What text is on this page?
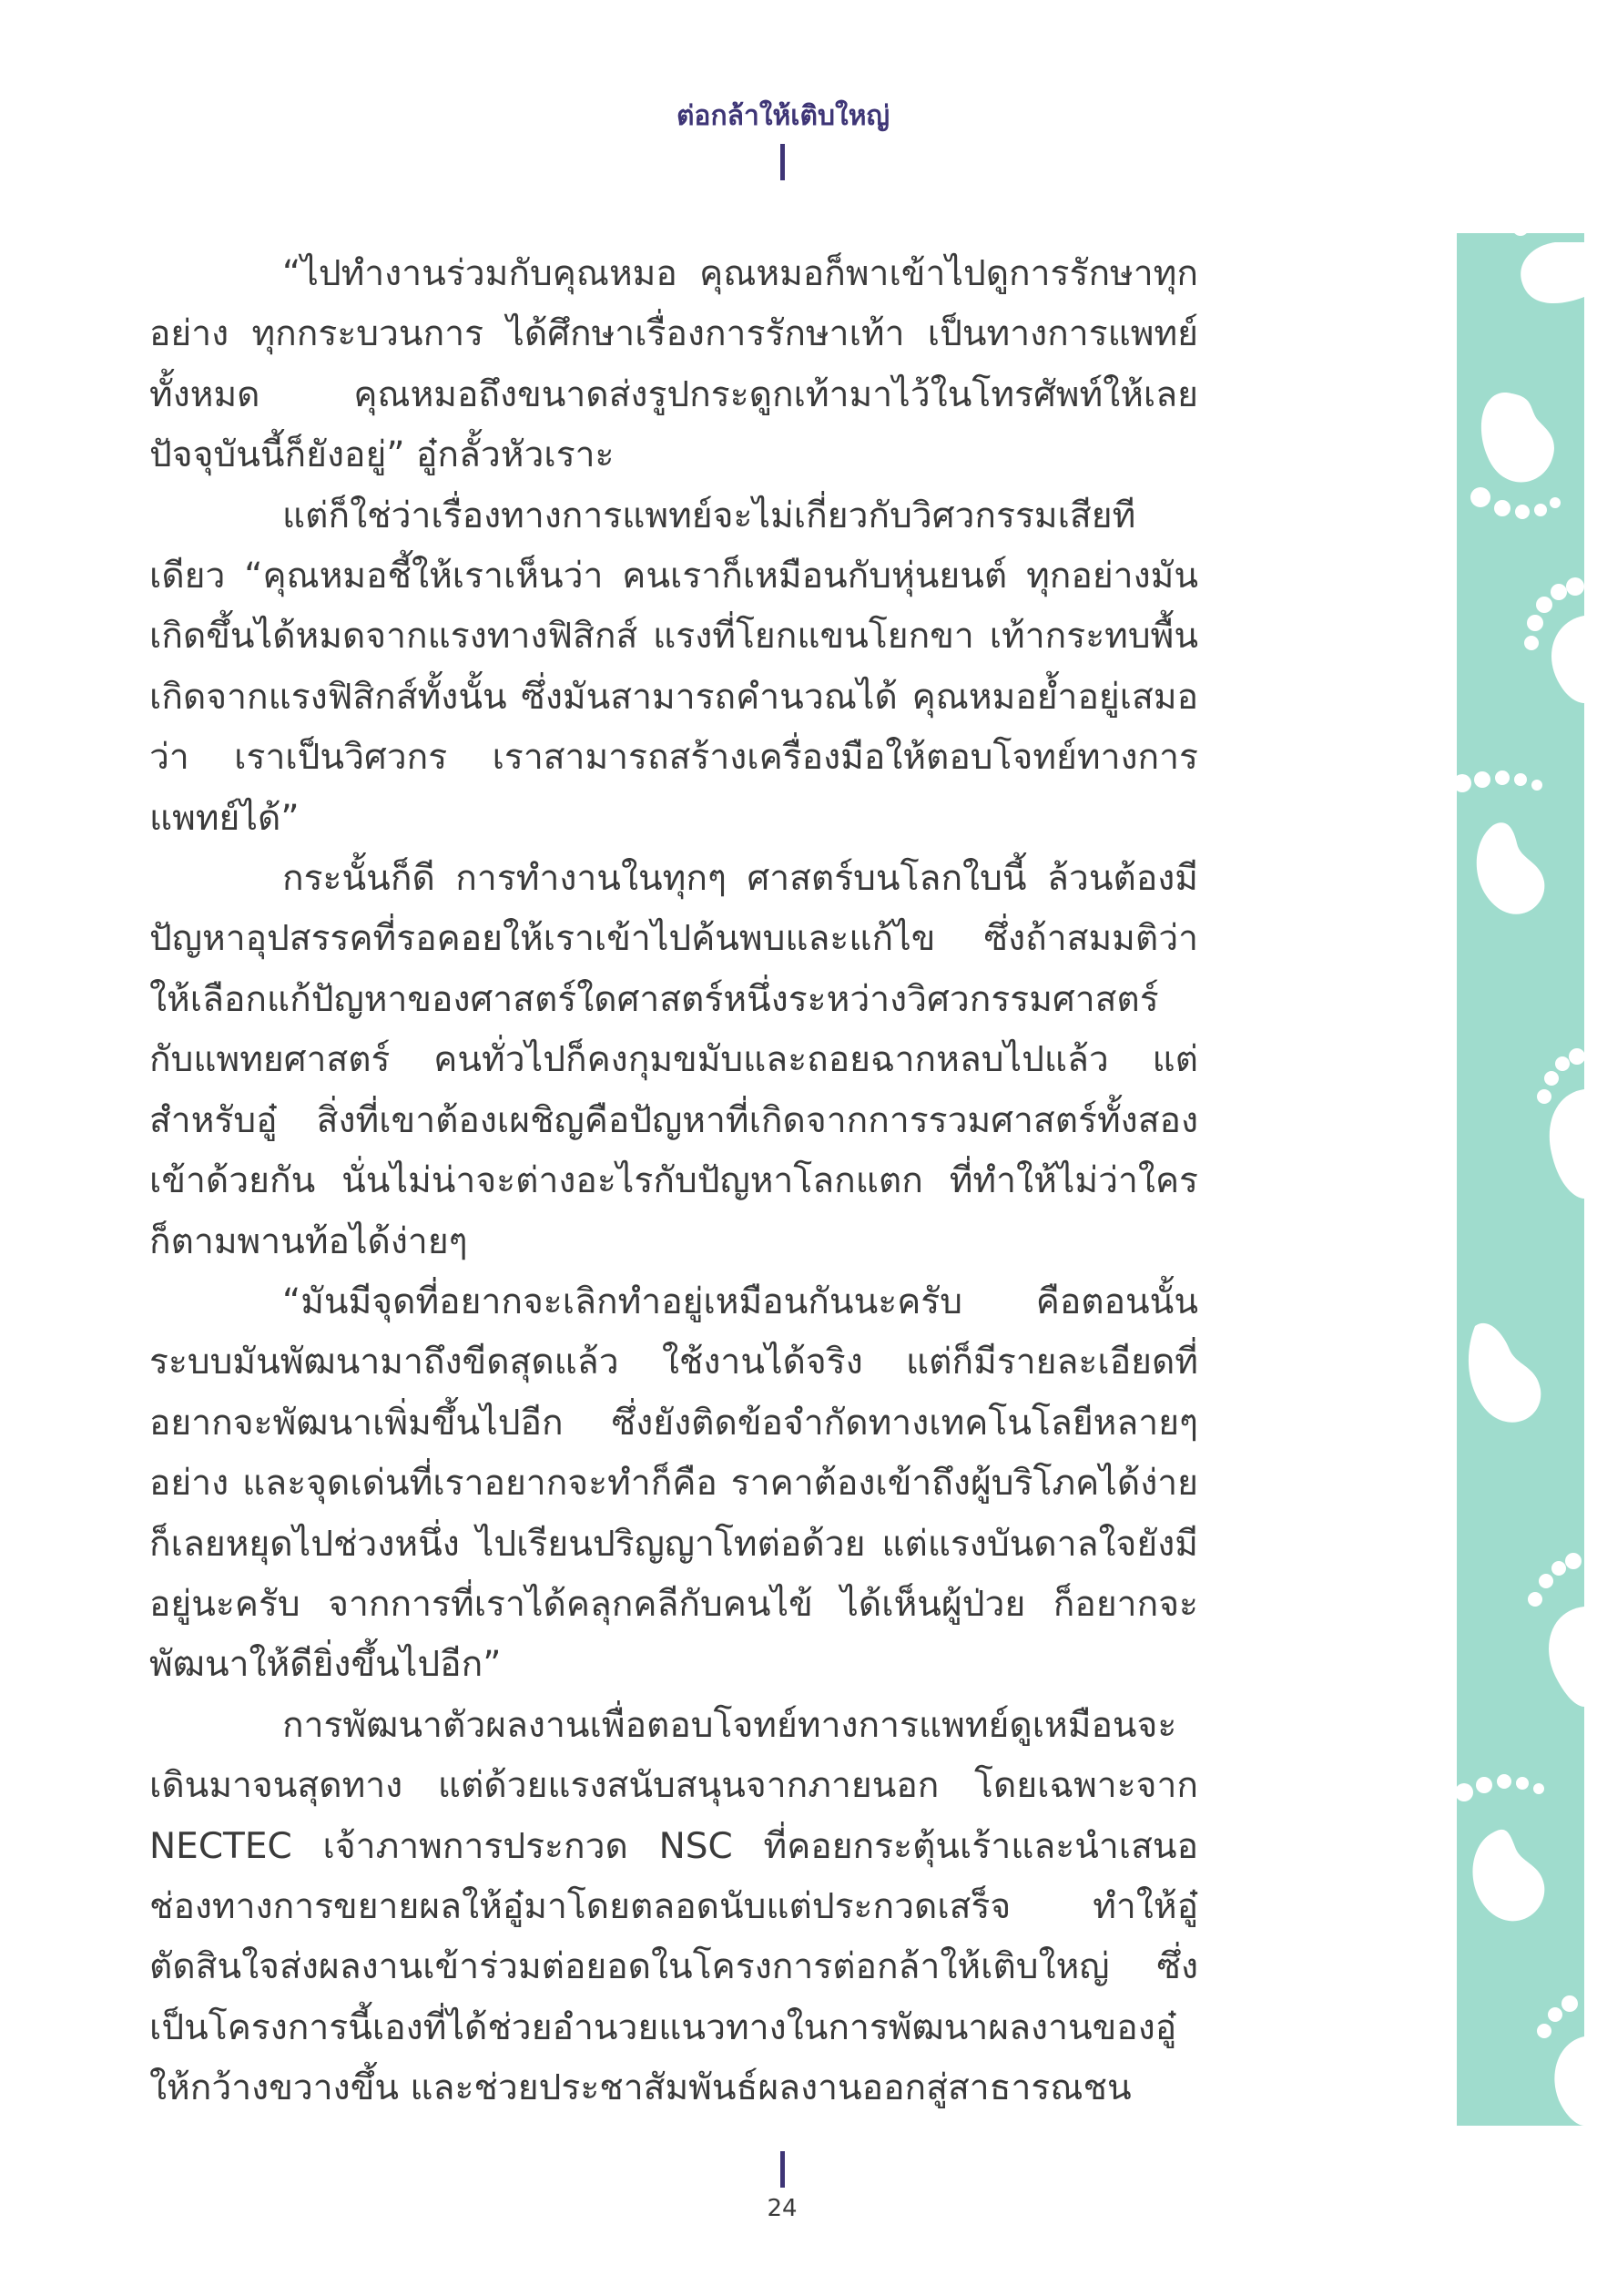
ต่อกล้าให้เติบใหญ่

“ไปทำงานร่วมกับคุณหมอ คุณหมอก็พาเข้าไปดูการรักษาทุกอย่าง ทุกกระบวนการ ได้ศึกษาเรื่องการรักษาเท้า เป็นทางการแพทย์ทั้งหมด คุณหมอถึงขนาดส่งรูปกระดูกเท้ามาไว้ในโทรศัพท์ให้เลย ปัจจุบันนี้ก็ยังอยู่” อู๋กลั้วหัวเราะ

แต่ก็ใช่ว่าเรื่องทางการแพทย์จะไม่เกี่ยวกับวิศวกรรมเสียทีเดียว “คุณหมอชี้ให้เราเห็นว่า คนเราก็เหมือนกับหุ่นยนต์ ทุกอย่างมันเกิดขึ้นได้หมดจากแรงทางฟิสิกส์ แรงที่โยกแขนโยกขา เท้ากระทบพื้น เกิดจากแรงฟิสิกส์ทั้งนั้น ซึ่งมันสามารถคำนวณได้ คุณหมอย้ำอยู่เสมอว่า เราเป็นวิศวกร เราสามารถสร้างเครื่องมือให้ตอบโจทย์ทางการแพทย์ได้”

กระนั้นก็ดี การทำงานในทุกๆ ศาสตร์บนโลกใบนี้ ล้วนต้องมีปัญหาอุปสรรคที่รอคอยให้เราเข้าไปค้นพบและแก้ไข ซึ่งถ้าสมมติว่าให้เลือกแก้ปัญหาของศาสตร์ใดศาสตร์หนึ่งระหว่างวิศวกรรมศาสตร์กับแพทยศาสตร์ คนทั่วไปก็คงกุมขมับและถอยฉากหลบไปแล้ว แต่สำหรับอู๋ สิ่งที่เขาต้องเผชิญคือปัญหาที่เกิดจากการรวมศาสตร์ทั้งสองเข้าด้วยกัน นั่นไม่น่าจะต่างอะไรกับปัญหาโลกแตก ที่ทำให้ไม่ว่าใครก็ตามพานท้อได้ง่ายๆ

“มันมีจุดที่อยากจะเลิกทำอยู่เหมือนกันนะครับ คือตอนนั้นระบบมันพัฒนามาถึงขีดสุดแล้ว ใช้งานได้จริง แต่ก็มีรายละเอียดที่อยากจะพัฒนาเพิ่มขึ้นไปอีก ซึ่งยังติดข้อจำกัดทางเทคโนโลยีหลายๆ อย่าง และจุดเด่นที่เราอยากจะทำก็คือ ราคาต้องเข้าถึงผู้บริโภคได้ง่าย ก็เลยหยุดไปช่วงหนึ่ง ไปเรียนปริญญาโทต่อด้วย แต่แรงบันดาลใจยังมีอยู่นะครับ จากการที่เราได้คลุกคลีกับคนไข้ ได้เห็นผู้ป่วย ก็อยากจะพัฒนาให้ดียิ่งขึ้นไปอีก”

การพัฒนาตัวผลงานเพื่อตอบโจทย์ทางการแพทย์ดูเหมือนจะเดินมาจนสุดทาง แต่ด้วยแรงสนับสนุนจากภายนอก โดยเฉพาะจาก NECTEC เจ้าภาพการประกวด NSC ที่คอยกระตุ้นเร้าและนำเสนอช่องทางการขยายผลให้อู๋มาโดยตลอดนับแต่ประกวดเสร็จ ทำให้อู๋ตัดสินใจส่งผลงานเข้าร่วมต่อยอดในโครงการต่อกล้าให้เติบใหญ่ ซึ่งเป็นโครงการนี้เองที่ได้ช่วยอำนวยแนวทางในการพัฒนาผลงานของอู๋ให้กว้างขวางขึ้น และช่วยประชาสัมพันธ์ผลงานออกสู่สาธารณชน

24
